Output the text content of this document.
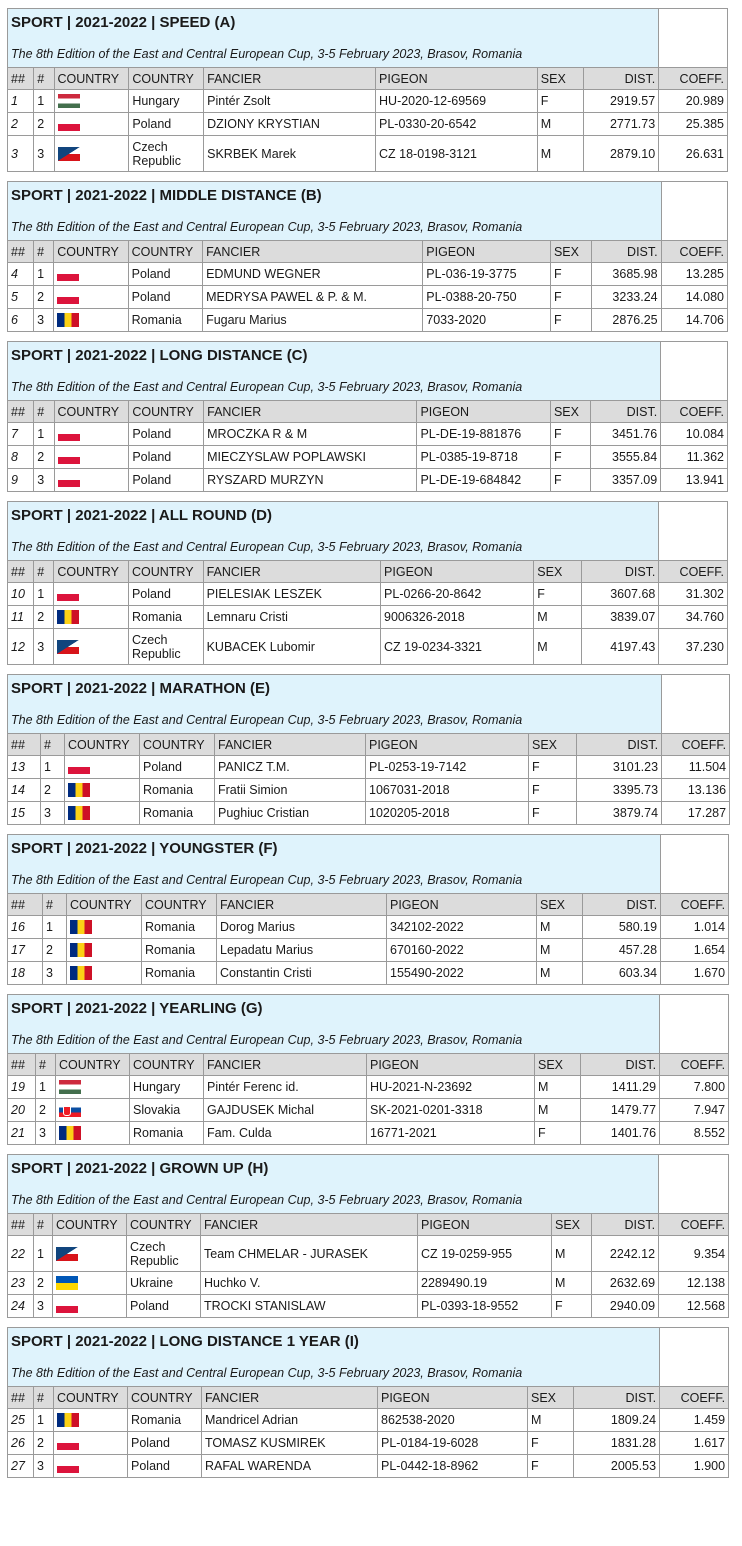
SPORT | 2021-2022 | SPEED (A)
The 8th Edition of the East and Central European Cup, 3-5 February 2023, Brasov, Romania								

##	#	COUNTRY	COUNTRY	FANCIER	PIGEON	SEX	DIST.	COEFF.
1	1		Hungary	Pintér Zsolt	HU-2020-12-69569	F	2919.57	20.989
2	2		Poland	DZIONY KRYSTIAN	PL-0330-20-6542	M	2771.73	25.385
3	3		Czech Republic	SKRBEK Marek	CZ 18-0198-3121	M	2879.10	26.631
SPORT | 2021-2022 | MIDDLE DISTANCE (B)
The 8th Edition of the East and Central European Cup, 3-5 February 2023, Brasov, Romania								

##	#	COUNTRY	COUNTRY	FANCIER	PIGEON	SEX	DIST.	COEFF.
4	1		Poland	EDMUND WEGNER	PL-036-19-3775	F	3685.98	13.285
5	2		Poland	MEDRYSA PAWEL & P. & M.	PL-0388-20-750	F	3233.24	14.080
6	3		Romania	Fugaru Marius	7033-2020	F	2876.25	14.706
SPORT | 2021-2022 | LONG DISTANCE (C)
The 8th Edition of the East and Central European Cup, 3-5 February 2023, Brasov, Romania								

##	#	COUNTRY	COUNTRY	FANCIER	PIGEON	SEX	DIST.	COEFF.
7	1		Poland	MROCZKA R & M	PL-DE-19-881876	F	3451.76	10.084
8	2		Poland	MIECZYSLAW POPLAWSKI	PL-0385-19-8718	F	3555.84	11.362
9	3		Poland	RYSZARD MURZYN	PL-DE-19-684842	F	3357.09	13.941
SPORT | 2021-2022 | ALL ROUND (D)
The 8th Edition of the East and Central European Cup, 3-5 February 2023, Brasov, Romania								

##	#	COUNTRY	COUNTRY	FANCIER	PIGEON	SEX	DIST.	COEFF.
10	1		Poland	PIELESIAK LESZEK	PL-0266-20-8642	F	3607.68	31.302
11	2		Romania	Lemnaru Cristi	9006326-2018	M	3839.07	34.760
12	3		Czech Republic	KUBACEK Lubomir	CZ 19-0234-3321	M	4197.43	37.230
SPORT | 2021-2022 | MARATHON (E)
The 8th Edition of the East and Central European Cup, 3-5 February 2023, Brasov, Romania								

##	#	COUNTRY	COUNTRY	FANCIER	PIGEON	SEX	DIST.	COEFF.
13	1		Poland	PANICZ T.M.	PL-0253-19-7142	F	3101.23	11.504
14	2		Romania	Fratii Simion	1067031-2018	F	3395.73	13.136
15	3		Romania	Pughiuc Cristian	1020205-2018	F	3879.74	17.287
SPORT | 2021-2022 | YOUNGSTER (F)
The 8th Edition of the East and Central European Cup, 3-5 February 2023, Brasov, Romania								

##	#	COUNTRY	COUNTRY	FANCIER	PIGEON	SEX	DIST.	COEFF.
16	1		Romania	Dorog Marius	342102-2022	M	580.19	1.014
17	2		Romania	Lepadatu Marius	670160-2022	M	457.28	1.654
18	3		Romania	Constantin Cristi	155490-2022	M	603.34	1.670
SPORT | 2021-2022 | YEARLING (G)
The 8th Edition of the East and Central European Cup, 3-5 February 2023, Brasov, Romania								

##	#	COUNTRY	COUNTRY	FANCIER	PIGEON	SEX	DIST.	COEFF.
19	1		Hungary	Pintér Ferenc id.	HU-2021-N-23692	M	1411.29	7.800
20	2		Slovakia	GAJDUSEK Michal	SK-2021-0201-3318	M	1479.77	7.947
21	3		Romania	Fam. Culda	16771-2021	F	1401.76	8.552
SPORT | 2021-2022 | GROWN UP (H)
The 8th Edition of the East and Central European Cup, 3-5 February 2023, Brasov, Romania								

##	#	COUNTRY	COUNTRY	FANCIER	PIGEON	SEX	DIST.	COEFF.
22	1		Czech Republic	Team CHMELAR - JURASEK	CZ 19-0259-955	M	2242.12	9.354
23	2		Ukraine	Huchko V.	2289490.19	M	2632.69	12.138
24	3		Poland	TROCKI STANISLAW	PL-0393-18-9552	F	2940.09	12.568
SPORT | 2021-2022 | LONG DISTANCE 1 YEAR (I)
The 8th Edition of the East and Central European Cup, 3-5 February 2023, Brasov, Romania								

##	#	COUNTRY	COUNTRY	FANCIER	PIGEON	SEX	DIST.	COEFF.
25	1		Romania	Mandricel Adrian	862538-2020	M	1809.24	1.459
26	2		Poland	TOMASZ KUSMIREK	PL-0184-19-6028	F	1831.28	1.617
27	3		Poland	RAFAL WARENDA	PL-0442-18-8962	F	2005.53	1.900
